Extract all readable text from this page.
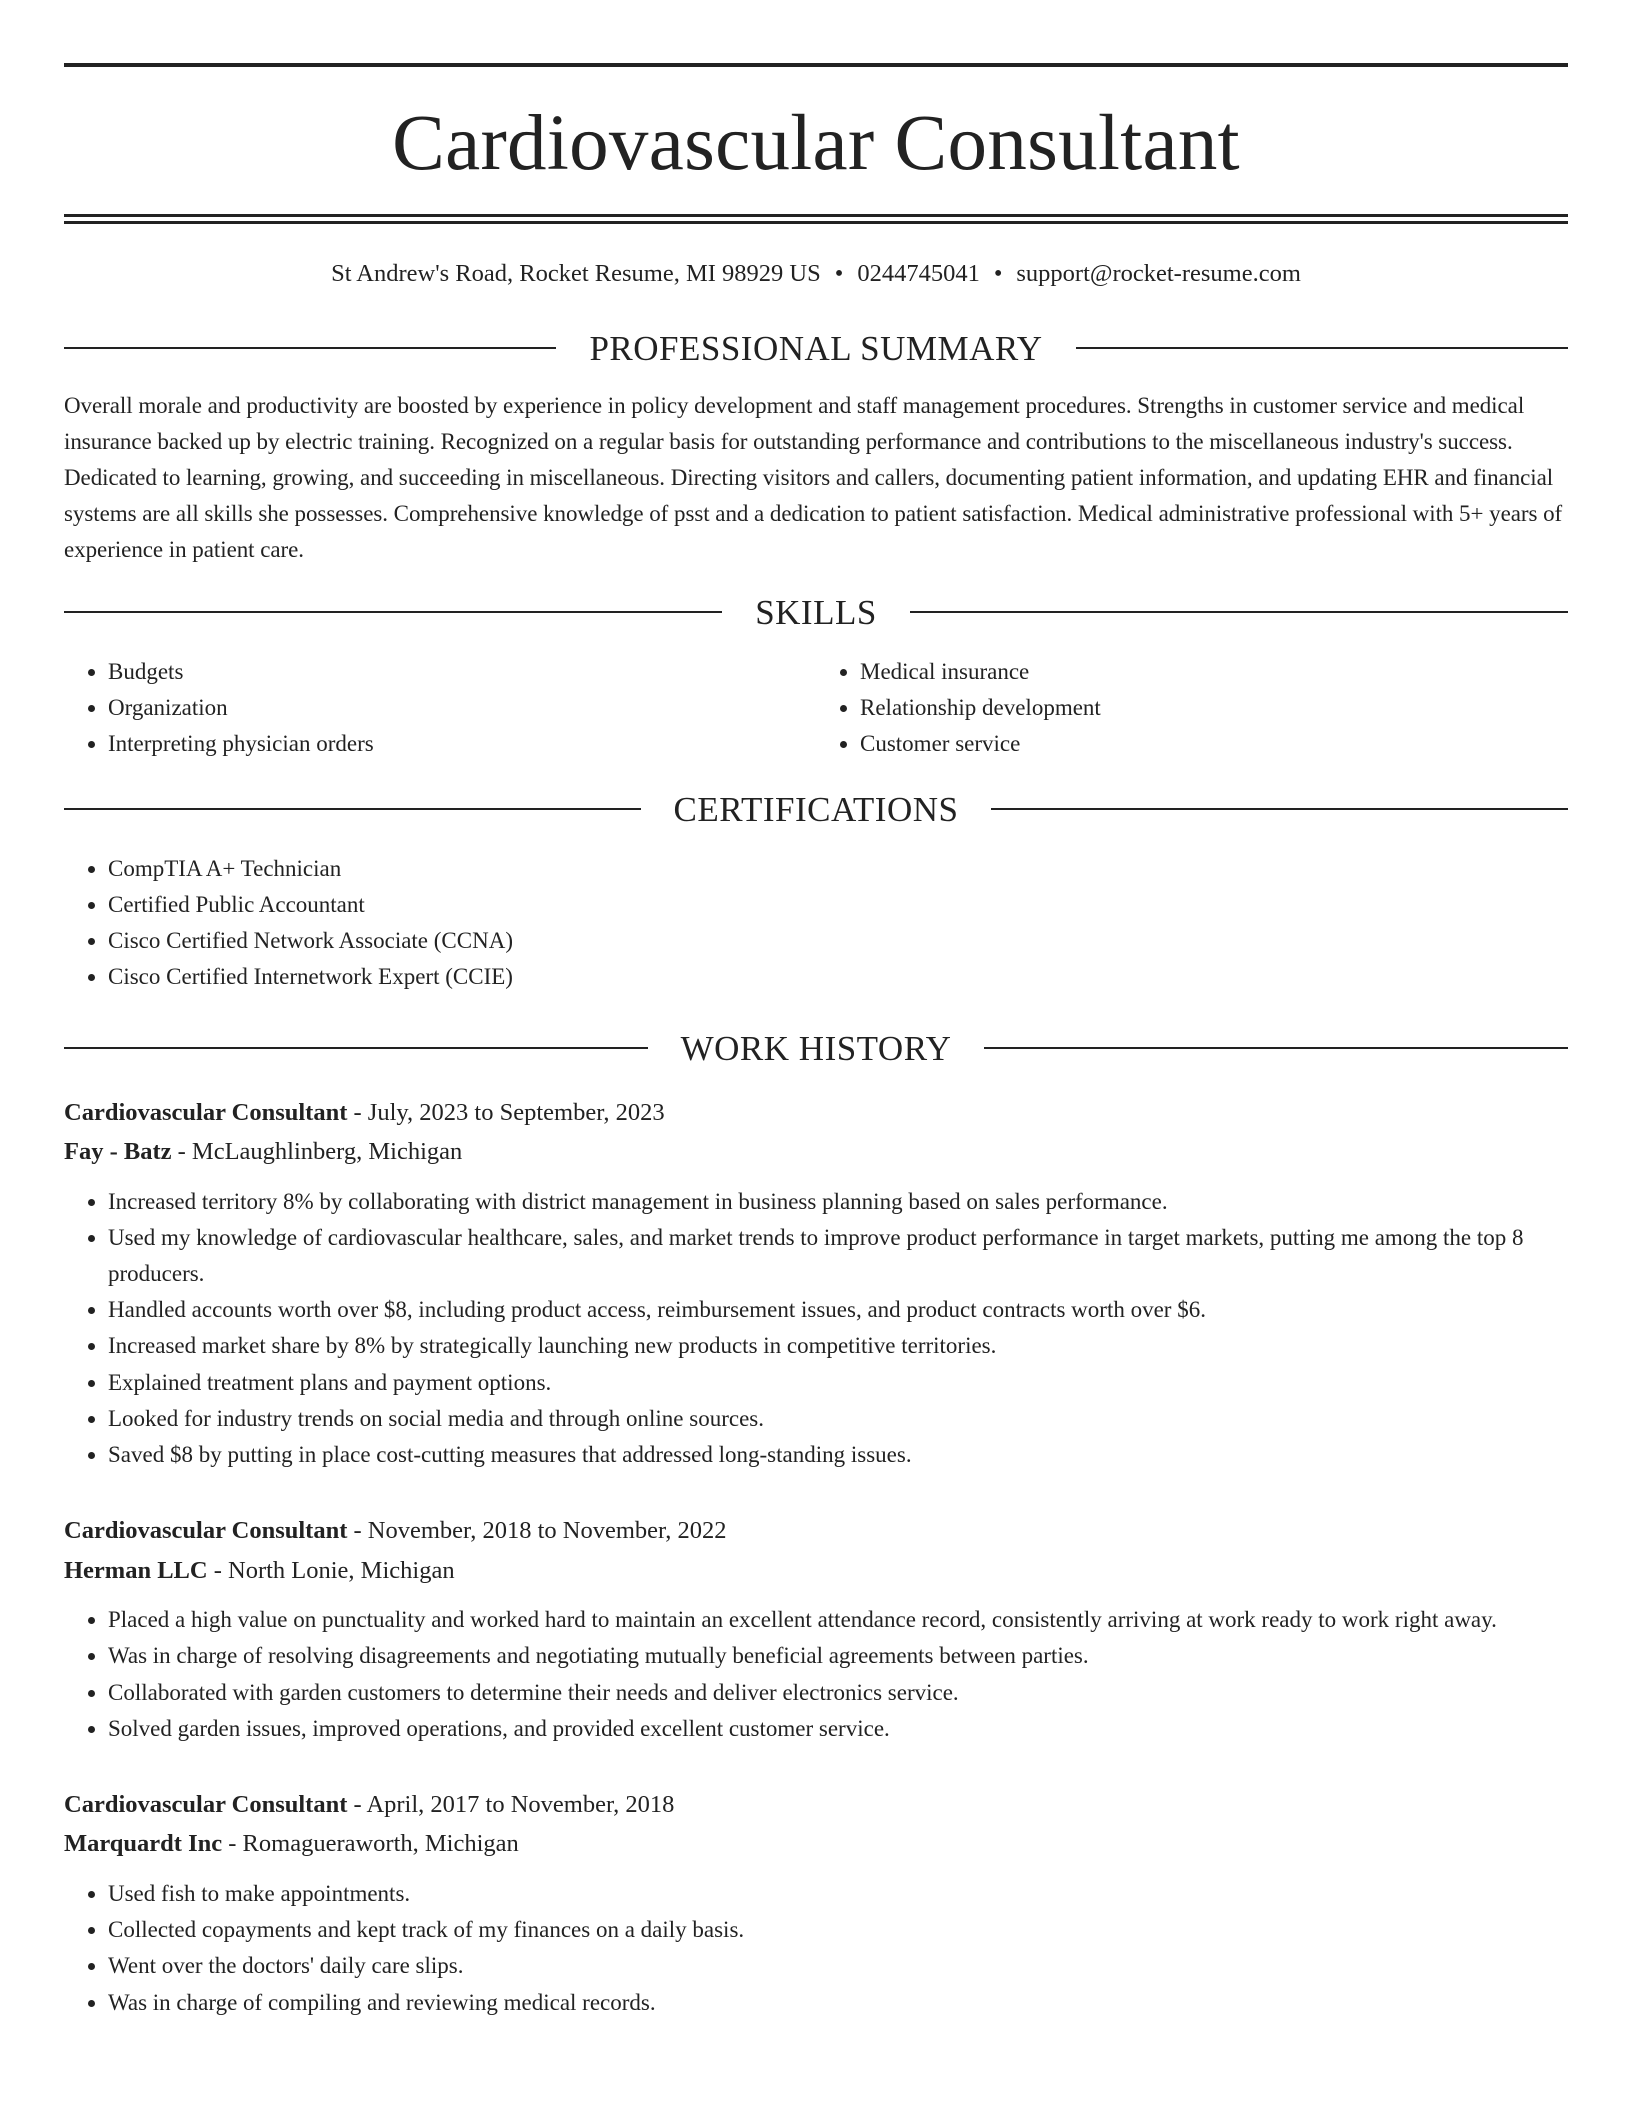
Cardiovascular Consultant
St Andrew's Road, Rocket Resume, MI 98929 US • 0244745041 • support@rocket-resume.com
PROFESSIONAL SUMMARY

Overall morale and productivity are boosted by experience in policy development and staff management procedures. Strengths in customer service and medical insurance backed up by electric training. Recognized on a regular basis for outstanding performance and contributions to the miscellaneous industry's success. Dedicated to learning, growing, and succeeding in miscellaneous. Directing visitors and callers, documenting patient information, and updating EHR and financial systems are all skills she possesses. Comprehensive knowledge of psst and a dedication to patient satisfaction. Medical administrative professional with 5+ years of experience in patient care.

SKILLS
• Budgets
• Organization
• Interpreting physician orders
• Medical insurance
• Relationship development
• Customer service
CERTIFICATIONS
• CompTIA A+ Technician
• Certified Public Accountant
• Cisco Certified Network Associate (CCNA)
• Cisco Certified Internetwork Expert (CCIE)
WORK HISTORY
Cardiovascular Consultant - July, 2023 to September, 2023
Fay - Batz - McLaughlinberg, Michigan
• Increased territory 8% by collaborating with district management in business planning based on sales performance.
• Used my knowledge of cardiovascular healthcare, sales, and market trends to improve product performance in target markets, putting me among the top 8 producers.
• Handled accounts worth over $8, including product access, reimbursement issues, and product contracts worth over $6.
• Increased market share by 8% by strategically launching new products in competitive territories.
• Explained treatment plans and payment options.
• Looked for industry trends on social media and through online sources.
• Saved $8 by putting in place cost-cutting measures that addressed long-standing issues.
Cardiovascular Consultant - November, 2018 to November, 2022
Herman LLC - North Lonie, Michigan
• Placed a high value on punctuality and worked hard to maintain an excellent attendance record, consistently arriving at work ready to work right away.
• Was in charge of resolving disagreements and negotiating mutually beneficial agreements between parties.
• Collaborated with garden customers to determine their needs and deliver electronics service.
• Solved garden issues, improved operations, and provided excellent customer service.
Cardiovascular Consultant - April, 2017 to November, 2018
Marquardt Inc - Romagueraworth, Michigan
• Used fish to make appointments.
• Collected copayments and kept track of my finances on a daily basis.
• Went over the doctors' daily care slips.
• Was in charge of compiling and reviewing medical records.
